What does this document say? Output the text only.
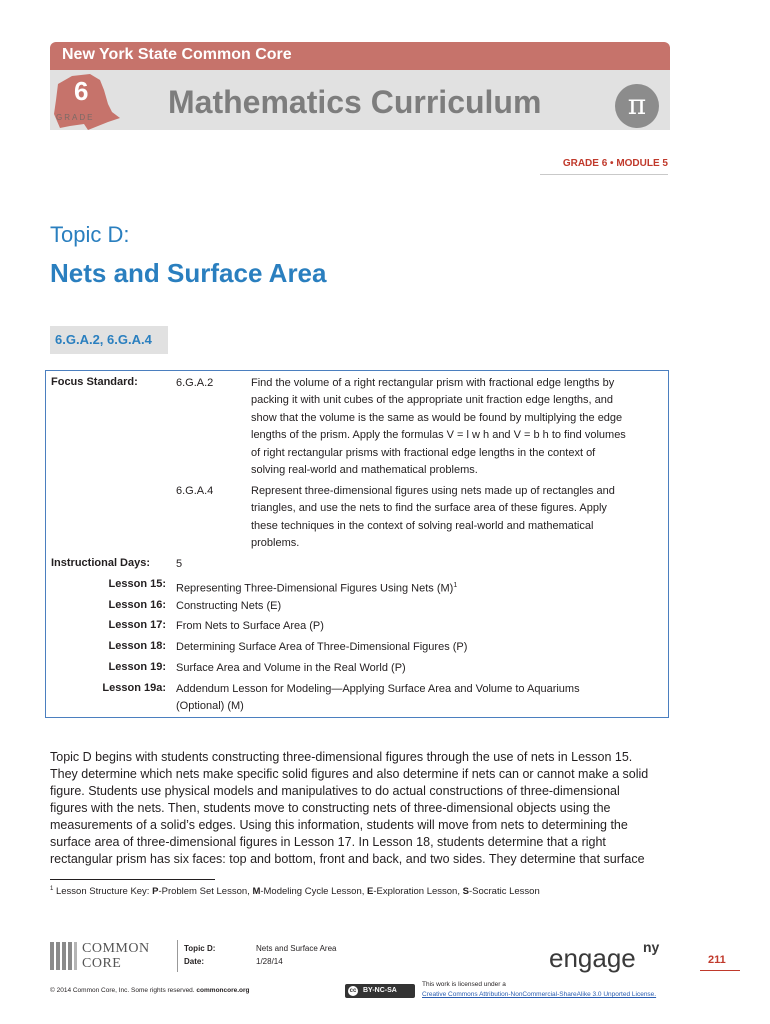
New York State Common Core
6
GRADE Mathematics Curriculum	π
GRADE 6 • MODULE 5
Topic D:
Nets and Surface Area
6.G.A.2, 6.G.A.4
Focus Standard:	6.G.A.2	Find the volume of a right rectangular prism with fractional edge lengths by
packing it with unit cubes of the appropriate unit fraction edge lengths, and
show that the volume is the same as would be found by multiplying the edge
lengths of the prism. Apply the formulas V = l w h and V = b h to find volumes
of right rectangular prisms with fractional edge lengths in the context of
solving real-world and mathematical problems.
6.G.A.4	Represent three-dimensional figures using nets made up of rectangles and
triangles, and use the nets to find the surface area of these figures. Apply
these techniques in the context of solving real-world and mathematical
problems.
Instructional Days: 5
Lesson 15: Representing Three-Dimensional Figures Using Nets $(M)^1$
Lesson 16: Constructing Nets (E)
Lesson 17: From Nets to Surface Area (P)
Lesson 18: Determining Surface Area of Three-Dimensional Figures (P)
Lesson 19: Surface Area and Volume in the Real World (P)
Lesson 19a: Addendum Lesson for Modeling—Applying Surface Area and Volume to Aquariums
(Optional) (M)
Topic D begins with students constructing three-dimensional figures through the use of nets in Lesson 15.
They determine which nets make specific solid figures and also determine if nets can or cannot make a solid
figure. Students use physical models and manipulatives to do actual constructions of three-dimensional
figures with the nets. Then, students move to constructing nets of three-dimensional objects using the
measurements of a solid’s edges. Using this information, students will move from nets to determining the
surface area of three-dimensional figures in Lesson 17. In Lesson 18, students determine that a right
rectangular prism has six faces: top and bottom, front and back, and two sides. They determine that surface
$^1$ Lesson Structure Key: P-Problem Set Lesson, M-Modeling Cycle Lesson, E-Exploration Lesson, S-Socratic Lesson
COMMON
CORE
Topic D:	Nets and Surface Area
Date:	1/28/14	engage ny
211
© 2014 Common Core, Inc. Some rights reserved. commoncore.org	cc BY-NC-SA
This work is licensed under a
Creative Commons Attribution-NonCommercial-ShareAlike 3.0 Unported License.
